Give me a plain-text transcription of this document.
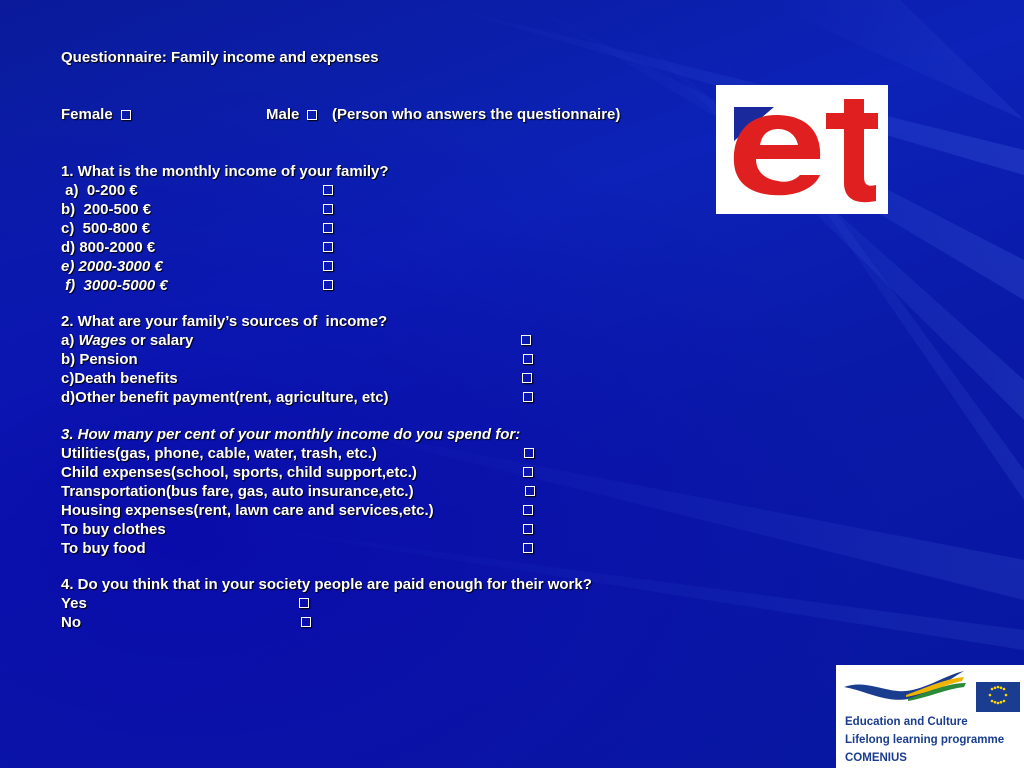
Questionnaire: Family income and expenses
Female	Male (Person who answers the questionnaire)
1. What is the monthly income of your family?
a)  0-200 €
b)  200-500 €
c)  500-800 €
d) 800-2000 €
e) 2000-3000 €
f)  3000-5000 €
2. What are your family’s sources of  income?
a) Wages or salary
b) Pension
c)Death benefits
d)Other benefit payment(rent, agriculture, etc)
3. How many per cent of your monthly income do you spend for:
Utilities(gas, phone, cable, water, trash, etc.)
Child expenses(school, sports, child support,etc.)
Transportation(bus fare, gas, auto insurance,etc.)
Housing expenses(rent, lawn care and services,etc.)
To buy clothes
To buy food
4. Do you think that in your society people are paid enough for their work?
Yes
No
Education and Culture
Lifelong learning programme
COMENIUS
